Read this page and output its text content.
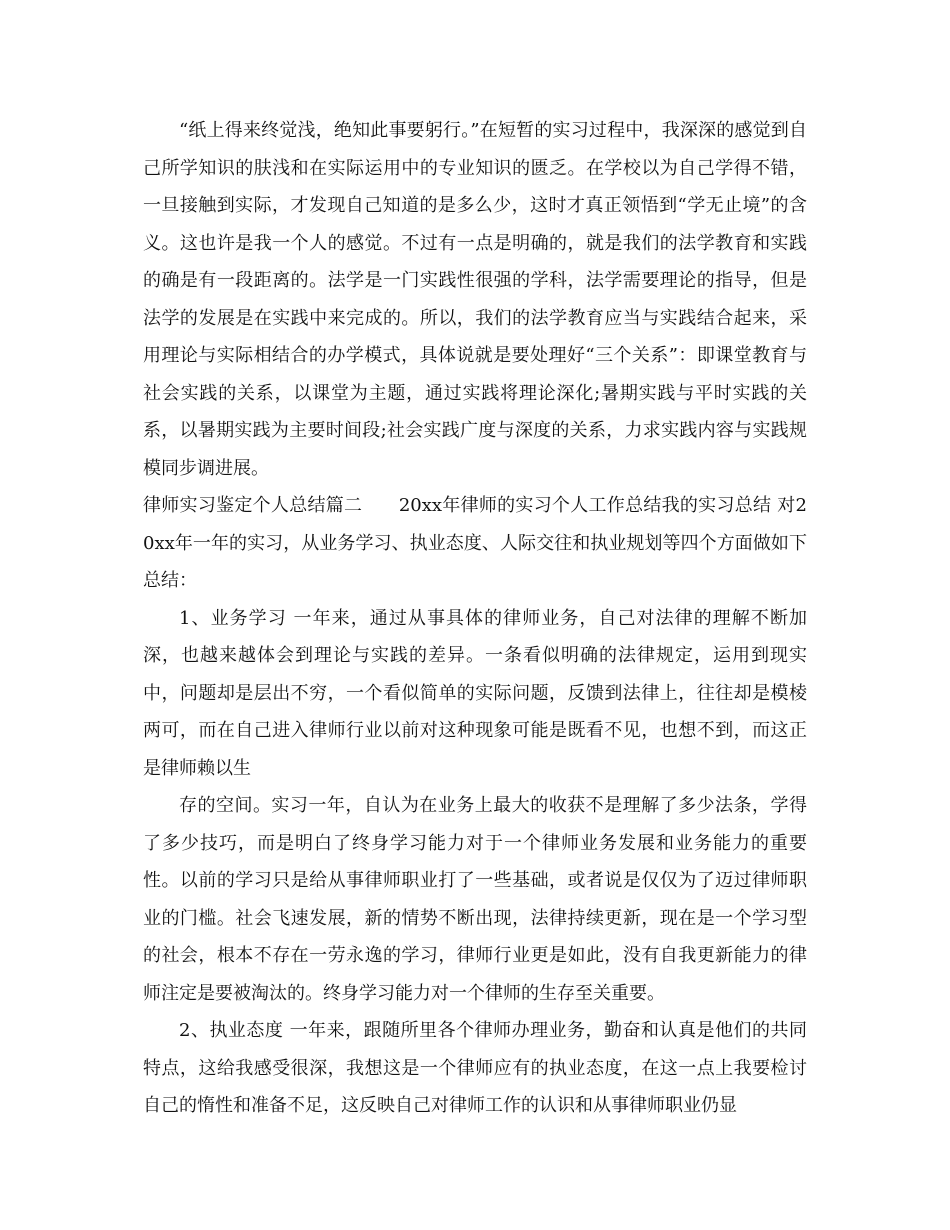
“纸上得来终觉浅，绝知此事要躬行。”在短暂的实习过程中，我深深的感觉到自己所学知识的肤浅和在实际运用中的专业知识的匮乏。在学校以为自己学得不错，一旦接触到实际，才发现自己知道的是多么少，这时才真正领悟到“学无止境”的含义。这也许是我一个人的感觉。不过有一点是明确的，就是我们的法学教育和实践的确是有一段距离的。法学是一门实践性很强的学科，法学需要理论的指导，但是法学的发展是在实践中来完成的。所以，我们的法学教育应当与实践结合起来，采用理论与实际相结合的办学模式，具体说就是要处理好“三个关系”：即课堂教育与社会实践的关系，以课堂为主题，通过实践将理论深化;暑期实践与平时实践的关系，以暑期实践为主要时间段;社会实践广度与深度的关系，力求实践内容与实践规模同步调进展。

律师实习鉴定个人总结篇二　　20xx年律师的实习个人工作总结我的实习总结 对20xx年一年的实习，从业务学习、执业态度、人际交往和执业规划等四个方面做如下总结：

1、业务学习 一年来，通过从事具体的律师业务，自己对法律的理解不断加深，也越来越体会到理论与实践的差异。一条看似明确的法律规定，运用到现实中，问题却是层出不穷，一个看似简单的实际问题，反馈到法律上，往往却是模棱两可，而在自己进入律师行业以前对这种现象可能是既看不见，也想不到，而这正是律师赖以生

存的空间。实习一年，自认为在业务上最大的收获不是理解了多少法条，学得了多少技巧，而是明白了终身学习能力对于一个律师业务发展和业务能力的重要性。以前的学习只是给从事律师职业打了一些基础，或者说是仅仅为了迈过律师职业的门槛。社会飞速发展，新的情势不断出现，法律持续更新，现在是一个学习型的社会，根本不存在一劳永逸的学习，律师行业更是如此，没有自我更新能力的律师注定是要被淘汰的。终身学习能力对一个律师的生存至关重要。

2、执业态度 一年来，跟随所里各个律师办理业务，勤奋和认真是他们的共同特点，这给我感受很深，我想这是一个律师应有的执业态度，在这一点上我要检讨自己的惰性和准备不足，这反映自己对律师工作的认识和从事律师职业仍显
